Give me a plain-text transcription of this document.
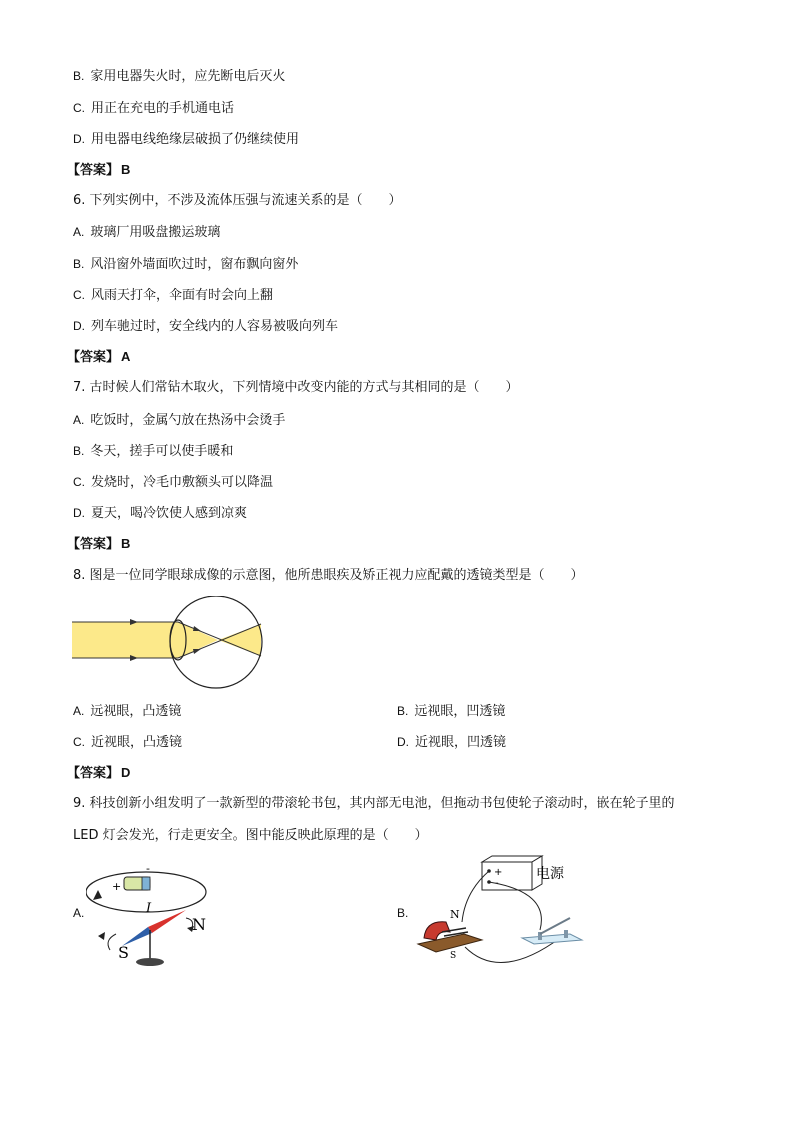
B. 家用电器失火时，应先断电后灭火
C. 用正在充电的手机通电话
D. 用电器电线绝缘层破损了仍继续使用
【答案】 B
6. 下列实例中，不涉及流体压强与流速关系的是（　　）
A. 玻璃厂用吸盘搬运玻璃
B. 风沿窗外墙面吹过时，窗布飘向窗外
C. 风雨天打伞，伞面有时会向上翻
D. 列车驰过时，安全线内的人容易被吸向列车
【答案】 A
7. 古时候人们常钻木取火，下列情境中改变内能的方式与其相同的是（　　）
A. 吃饭时，金属勺放在热汤中会烫手
B. 冬天，搓手可以使手暖和
C. 发烧时，冷毛巾敷额头可以降温
D. 夏天，喝冷饮使人感到凉爽
【答案】 B
8. 图是一位同学眼球成像的示意图，他所患眼疾及矫正视力应配戴的透镜类型是（　　）
A. 远视眼，凸透镜	B. 远视眼，凹透镜
C. 近视眼，凸透镜	D. 近视眼，凹透镜
【答案】 D
9. 科技创新小组发明了一款新型的带滚轮书包，其内部无电池，但拖动书包使轮子滚动时，嵌在轮子里的
LED 灯会发光，行走更安全。图中能反映此原理的是（　　）
A.
+
-
I
N
S
B.
+
-
电源
N
S
